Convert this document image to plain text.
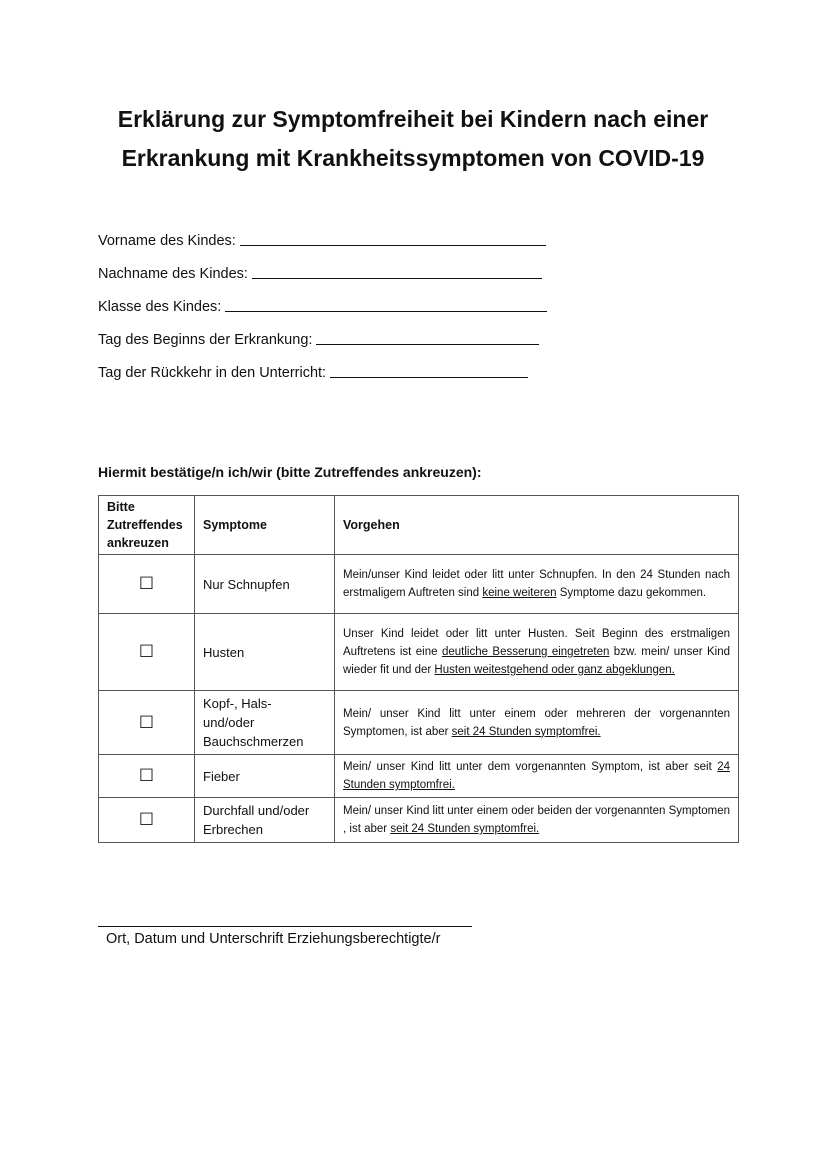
Erklärung zur Symptomfreiheit bei Kindern nach einer
Erkrankung mit Krankheitssymptomen von COVID-19
Vorname des Kindes:
Nachname des Kindes:
Klasse des Kindes:
Tag des Beginns der Erkrankung:
Tag der Rückkehr in den Unterricht:
Hiermit bestätige/n ich/wir (bitte Zutreffendes ankreuzen):
Bitte
Zutreffendes
ankreuzen	Symptome	Vorgehen
☐	Nur Schnupfen	Mein/unser Kind leidet oder litt unter Schnupfen. In den 24 Stunden nach erstmaligem Auftreten sind keine weiteren Symptome dazu gekommen.
☐	Husten	Unser Kind leidet oder litt unter Husten. Seit Beginn des erstmaligen Auftretens ist eine deutliche Besserung eingetreten bzw. mein/ unser Kind wieder fit und der Husten weitestgehend oder ganz abgeklungen.
☐	Kopf-, Hals- und/oder Bauchschmerzen	Mein/ unser Kind litt unter einem oder mehreren der vorgenannten Symptomen, ist aber seit 24 Stunden symptomfrei.
☐	Fieber	Mein/ unser Kind litt unter dem vorgenannten Symptom, ist aber seit 24 Stunden symptomfrei.
☐	Durchfall und/oder Erbrechen	Mein/ unser Kind litt unter einem oder beiden der vorgenannten Symptomen , ist aber seit 24 Stunden symptomfrei.
Ort, Datum und Unterschrift Erziehungsberechtigte/r
